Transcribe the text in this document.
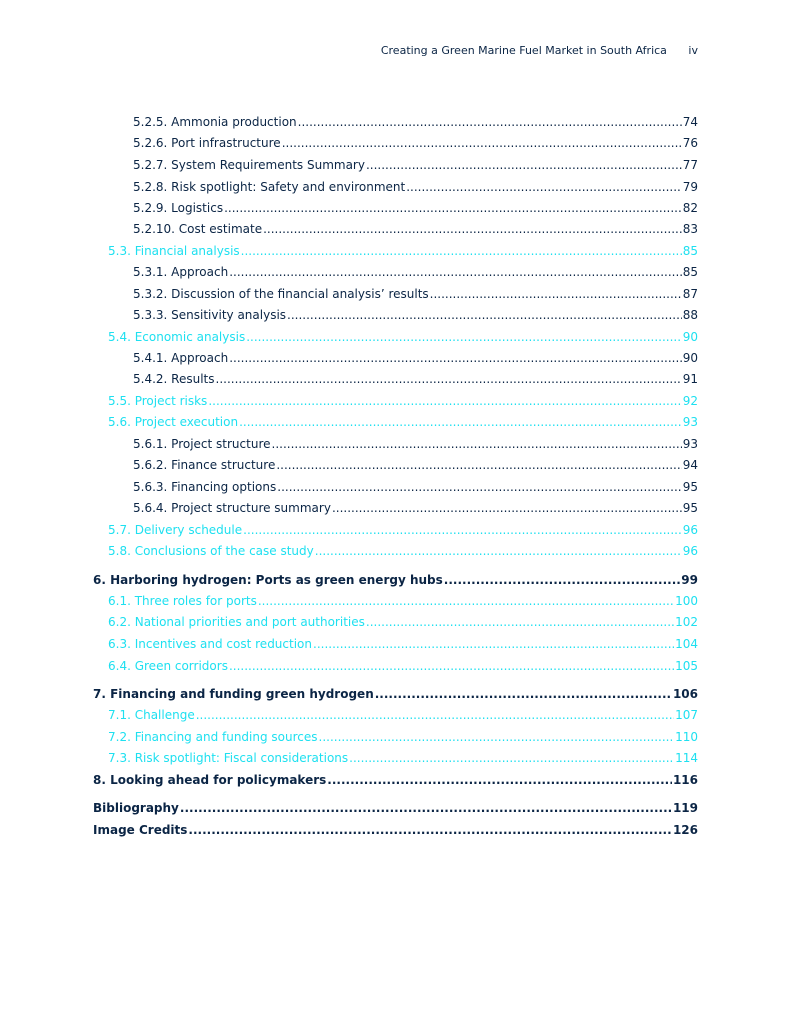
Creating a Green Marine Fuel Market in South Africa iv
5.2.5. Ammonia production .....	74
5.2.6. Port infrastructure .....	76
5.2.7. System Requirements Summary .....	77
5.2.8. Risk spotlight: Safety and environment .....	79
5.2.9. Logistics .....	82
5.2.10. Cost estimate .....	83
5.3. Financial analysis .....	85
5.3.1. Approach .....	85
5.3.2. Discussion of the financial analysis’ results .....	87
5.3.3. Sensitivity analysis .....	88
5.4. Economic analysis .....	90
5.4.1. Approach .....	90
5.4.2. Results .....	91
5.5. Project risks .....	92
5.6. Project execution .....	93
5.6.1. Project structure .....	93
5.6.2. Finance structure .....	94
5.6.3. Financing options .....	95
5.6.4. Project structure summary .....	95
5.7. Delivery schedule .....	96
5.8. Conclusions of the case study .....	96
6. Harboring hydrogen: Ports as green energy hubs .....	99
6.1. Three roles for ports .....	100
6.2. National priorities and port authorities .....	102
6.3. Incentives and cost reduction .....	104
6.4. Green corridors .....	105
7. Financing and funding green hydrogen .....	106
7.1. Challenge .....	107
7.2. Financing and funding sources .....	110
7.3. Risk spotlight: Fiscal considerations .....	114
8. Looking ahead for policymakers .....	116
Bibliography .....	119
Image Credits .....	126
